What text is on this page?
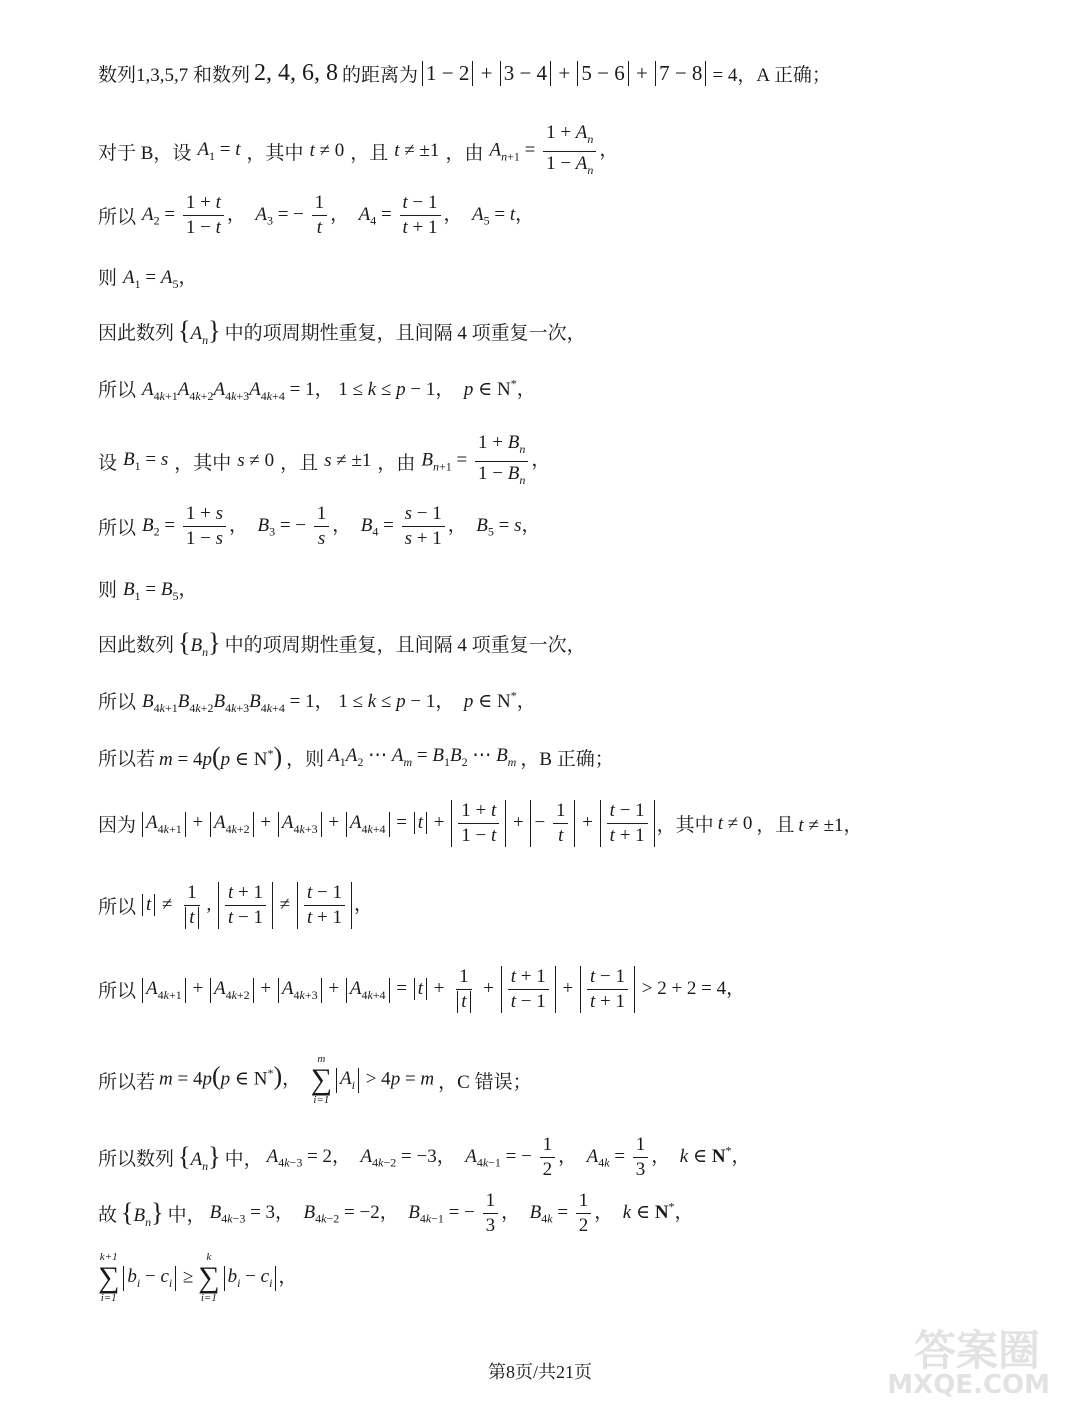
数列1,3,5,7 和数列 2, 4, 6, 8 的距离为 1 − 2 + 3 − 4 + 5 − 6 + 7 − 8 = 4，A 正确；
对于 B，设 $A_1 = t$ ，其中 t ≠ 0 ，且 t ≠ ±1 ，由 $A_{n+1} = \frac{1 + A_n}{1 - A_n}$ ，
所以 $A_2 = \frac{1 + t}{1 - t}$ ，  $A_3$ = − $\frac{1}{t}$ ，  $A_4 = \frac{t - 1}{t + 1}$ ，  $A_5 = t$，
则 $A_1 = A_5$，
因此数列 $\{A_n\}$ 中的项周期性重复，且间隔 4 项重复一次，
所以 $A_{4k+1}A_{4k+2}A_{4k+3}A_{4k+4} = 1$， 1 ≤ k ≤ p − 1，  p ∈ N*，
设 $B_1 = s$ ，其中 s ≠ 0 ，且 s ≠ ±1 ，由 $B_{n+1} = \frac{1 + B_n}{1 - B_n}$ ，
所以 $B_2 = \frac{1 + s}{1 - s}$ ，  $B_3$ = − $\frac{1}{s}$ ，  $B_4 = \frac{s - 1}{s + 1}$ ，  $B_5 = s$，
则 $B_1 = B_5$，
因此数列 $\{B_n\}$ 中的项周期性重复，且间隔 4 项重复一次，
所以 $B_{4k+1}B_{4k+2}B_{4k+3}B_{4k+4} = 1$， 1 ≤ k ≤ p − 1，  p ∈ N*，
所以若 m = 4p(p ∈ N*) ，则 $A_1A_2$ ⋯ $A_m = B_1B_2$ ⋯ $B_m$ ，B 正确；
因为 $A_{4k+1} + A_{4k+2} + A_{4k+3} + A_{4k+4} = t + \frac{1 + t}{1 - t}$ + − $\frac{1}{t} + \frac{t - 1}{t + 1}$ ，其中 t ≠ 0 ，且 t ≠ ±1，
所以 $t \ne \frac{1}{t}$ , $\frac{t + 1}{t - 1} \ne \frac{t - 1}{t + 1}$ ，
所以 $A_{4k+1} + A_{4k+2} + A_{4k+3} + A_{4k+4} = t + \frac{1}{t} + \frac{t + 1}{t - 1} + \frac{t - 1}{t + 1} > 2 + 2 = 4$，
所以若 m = 4p(p ∈ N*)，
m
∑
i=1
$A_i > 4p = m$ ，C 错误；
所以数列 $\{A_n\}$ 中， $A_{4k-3} = 2$，  $A_{4k-2} = -3$，  $A_{4k-1}$ = − $\frac{1}{2}$ ，  $A_{4k} = \frac{1}{3}$ ，  k ∈ N*，
故 $\{B_n\}$ 中， $B_{4k-3} = 3$，  $B_{4k-2} = -2$，  $B_{4k-1}$ = − $\frac{1}{3}$ ，  $B_{4k} = \frac{1}{2}$ ，  k ∈ N*，
k+1
∑
i=1
$b_i - c_i$ ≥
k
∑
i=1
$b_i - c_i$ ，
答案圈
MXQE.COM
第8页/共21页
